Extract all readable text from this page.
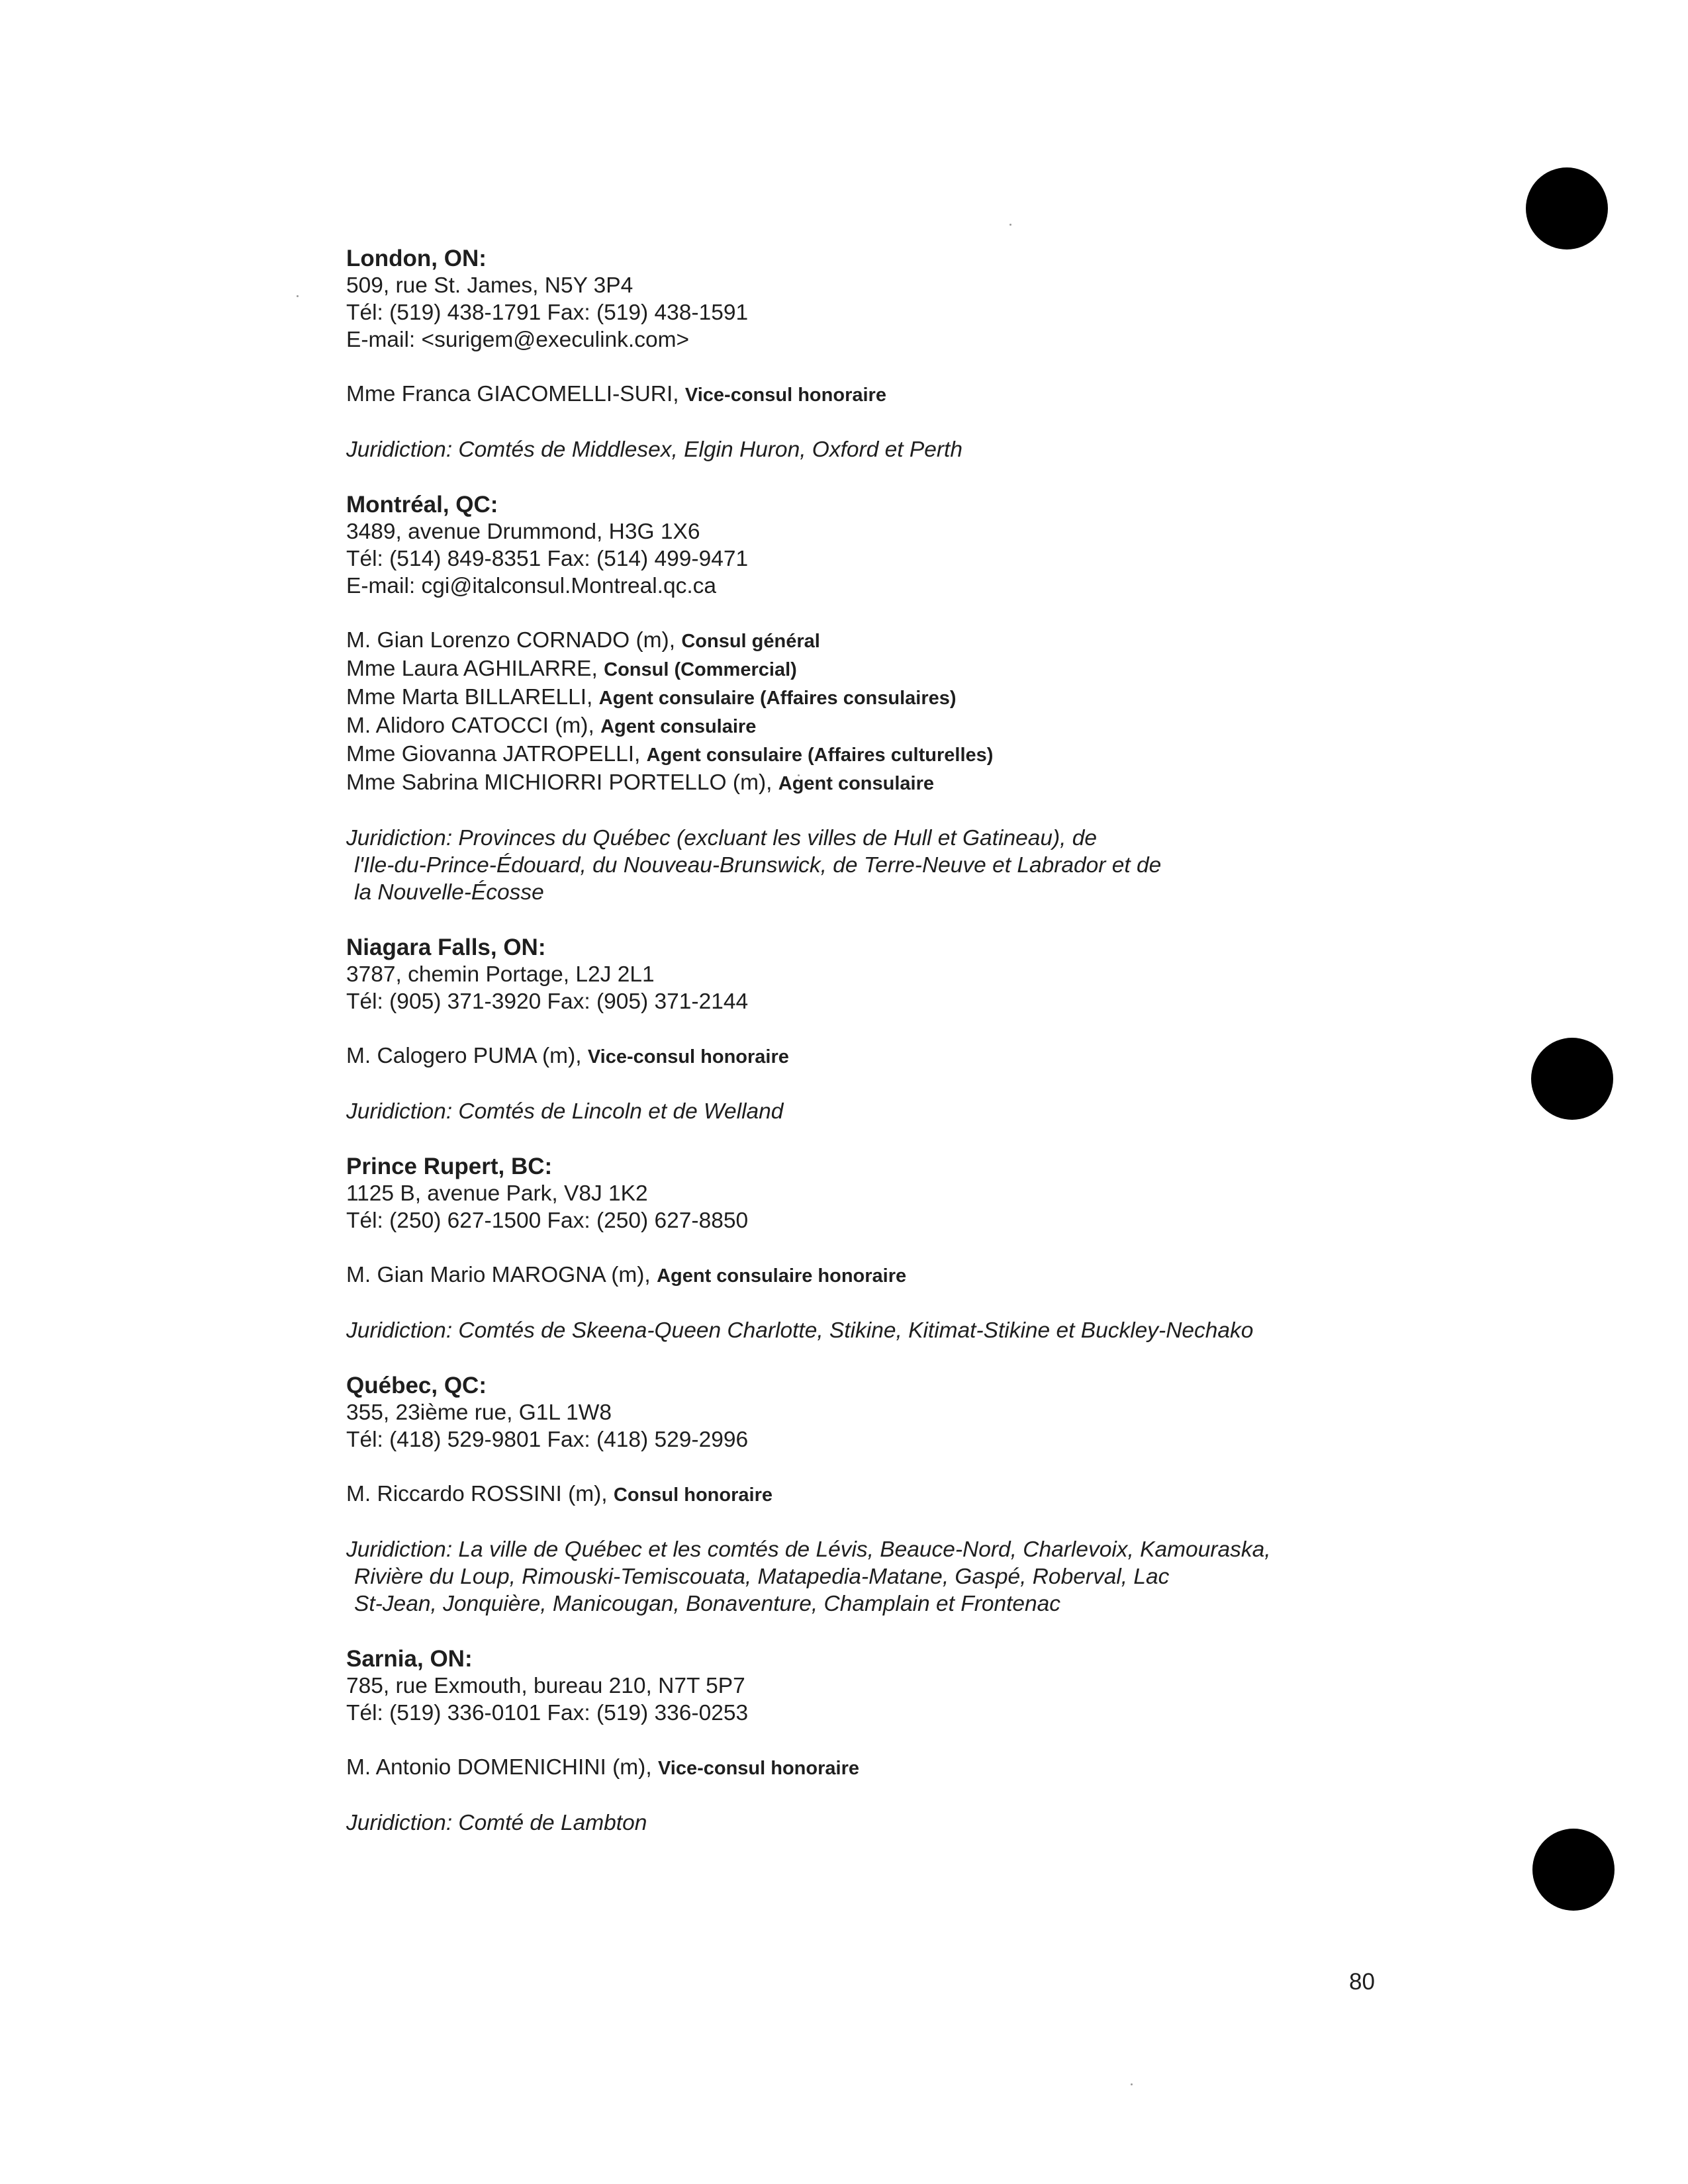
London, ON:
509, rue St. James, N5Y 3P4
Tél: (519) 438-1791 Fax: (519) 438-1591
E-mail: <surigem@execulink.com>
Mme Franca GIACOMELLI-SURI, Vice-consul honoraire
Juridiction: Comtés de Middlesex, Elgin Huron, Oxford et Perth
Montréal, QC:
3489, avenue Drummond, H3G 1X6
Tél: (514) 849-8351 Fax: (514) 499-9471
E-mail: cgi@italconsul.Montreal.qc.ca
M. Gian Lorenzo CORNADO (m), Consul général
Mme Laura AGHILARRE, Consul (Commercial)
Mme Marta BILLARELLI, Agent consulaire (Affaires consulaires)
M. Alidoro CATOCCI (m), Agent consulaire
Mme Giovanna JATROPELLI, Agent consulaire (Affaires culturelles)
Mme Sabrina MICHIORRI PORTELLO (m), Agent consulaire
Juridiction: Provinces du Québec (excluant les villes de Hull et Gatineau), de
l'Ile-du-Prince-Édouard, du Nouveau-Brunswick, de Terre-Neuve et Labrador et de
la Nouvelle-Écosse
Niagara Falls, ON:
3787, chemin Portage, L2J 2L1
Tél: (905) 371-3920 Fax: (905) 371-2144
M. Calogero PUMA (m), Vice-consul honoraire
Juridiction: Comtés de Lincoln et de Welland
Prince Rupert, BC:
1125 B, avenue Park, V8J 1K2
Tél: (250) 627-1500 Fax: (250) 627-8850
M. Gian Mario MAROGNA (m), Agent consulaire honoraire
Juridiction: Comtés de Skeena-Queen Charlotte, Stikine, Kitimat-Stikine et Buckley-Nechako
Québec, QC:
355, 23ième rue, G1L 1W8
Tél: (418) 529-9801 Fax: (418) 529-2996
M. Riccardo ROSSINI (m), Consul honoraire
Juridiction: La ville de Québec et les comtés de Lévis, Beauce-Nord, Charlevoix, Kamouraska,
Rivière du Loup, Rimouski-Temiscouata, Matapedia-Matane, Gaspé, Roberval, Lac
St-Jean, Jonquière, Manicougan, Bonaventure, Champlain et Frontenac
Sarnia, ON:
785, rue Exmouth, bureau 210, N7T 5P7
Tél: (519) 336-0101 Fax: (519) 336-0253
M. Antonio DOMENICHINI (m), Vice-consul honoraire
Juridiction: Comté de Lambton
80
